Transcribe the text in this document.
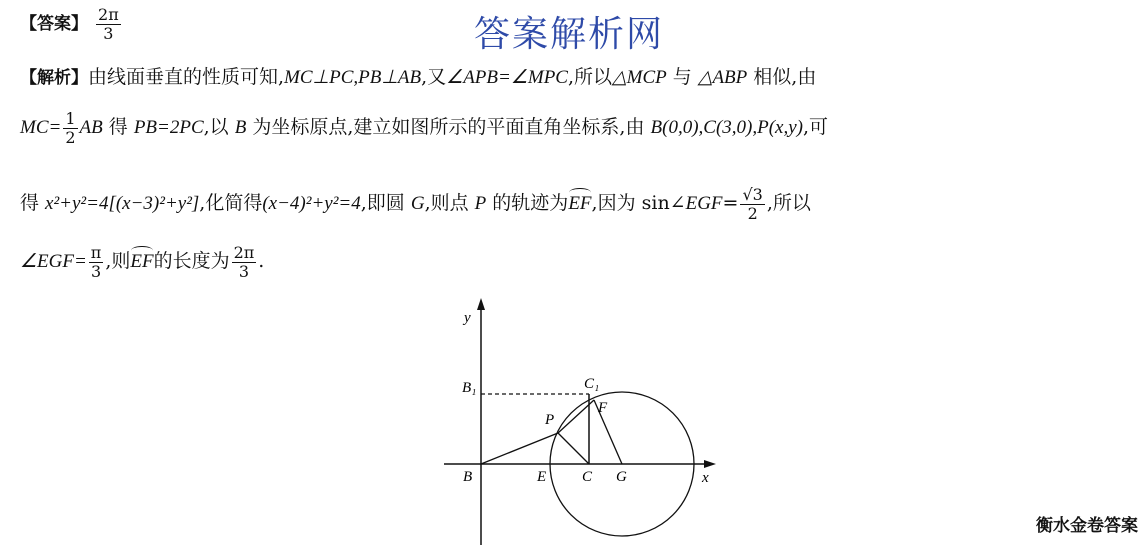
【答案】 $\frac{2\pi}{3}$	答案解析网
【解析】由线面垂直的性质可知,MC⊥PC,PB⊥AB,又∠APB=∠MPC,所以△MCP 与 △ABP 相似,由
$MC= \frac{1}{2}$ AB 得 PB=2PC,以 B 为坐标原点,建立如图所示的平面直角坐标系,由 B(0,0),C(3,0),P(x,y),可
得 x²+y²=4[(x−3)²+y²],化简得(x−4)²+y²=4,即圆 G,则点 P 的轨迹为EF,因为 sin∠EGF= $\frac{√3}{2}$ ,所以
∠EGF= $\frac{\pi}{3}$ ,则EF的长度为 $\frac{2\pi}{3}$ .
y
x
B₁	C₁
F
P
B	E C G
衡水金卷答案
